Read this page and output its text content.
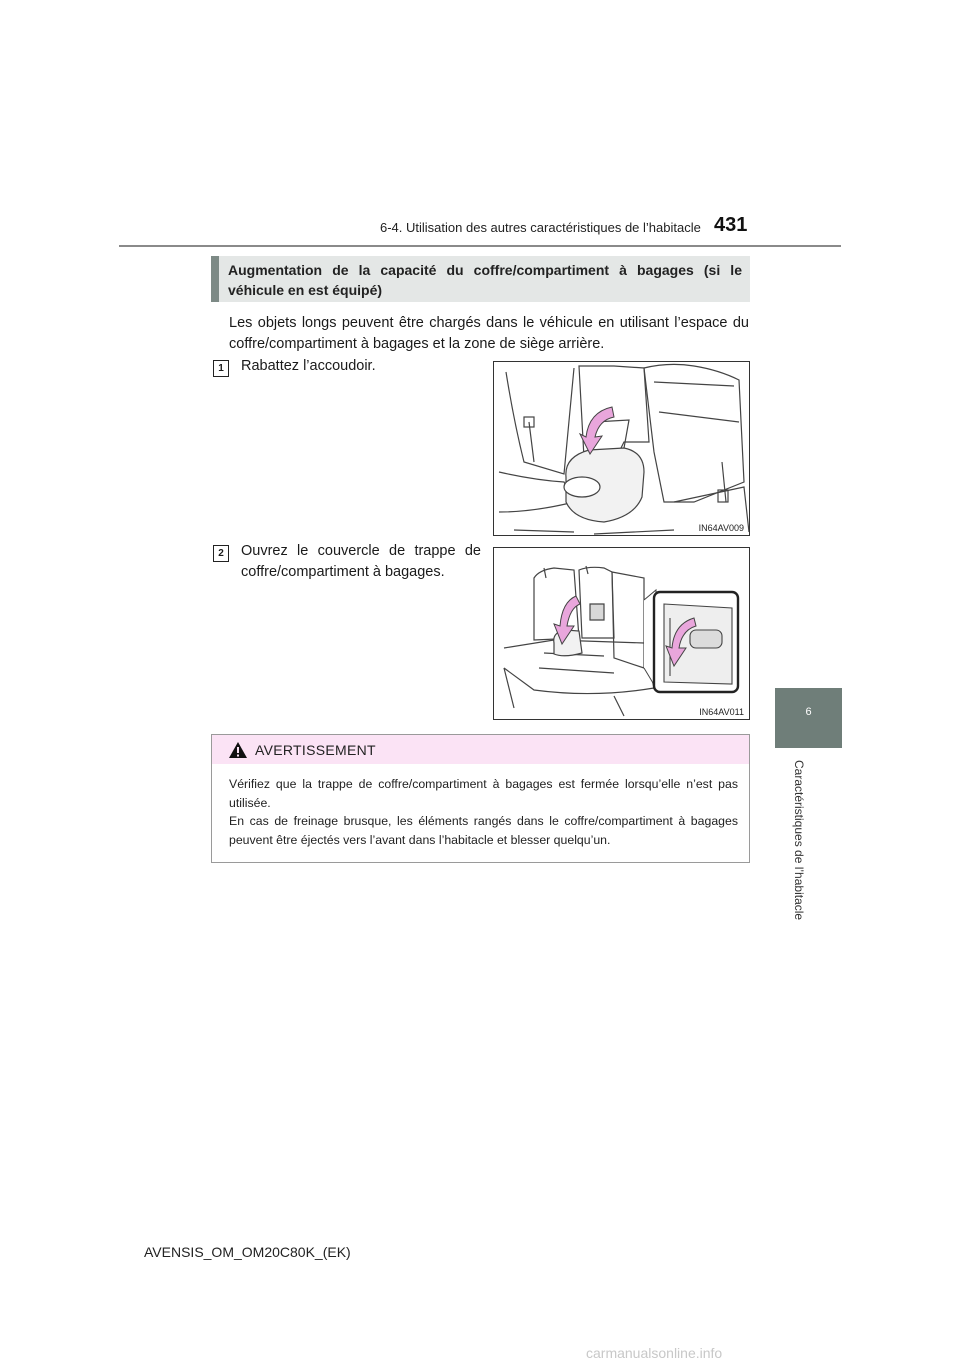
6-4. Utilisation des autres caractéristiques de l’habitacle 431
6
Caractéristiques de l’habitacle
Augmentation de la capacité du coffre/compartiment à bagages (si le véhicule en est équipé)
Les objets longs peuvent être chargés dans le véhicule en utilisant l’espace du coffre/compartiment à bagages et la zone de siège arrière.
1	Rabattez l’accoudoir.
IN64AV009
2	Ouvrez le couvercle de trappe de coffre/compartiment à bagages.
IN64AV011
AVERTISSEMENT
Vérifiez que la trappe de coffre/compartiment à bagages est fermée lorsqu’elle n’est pas utilisée.
En cas de freinage brusque, les éléments rangés dans le coffre/compartiment à bagages peuvent être éjectés vers l’avant dans l’habitacle et blesser quelqu’un.
AVENSIS_OM_OM20C80K_(EK)
carmanualsonline.info
